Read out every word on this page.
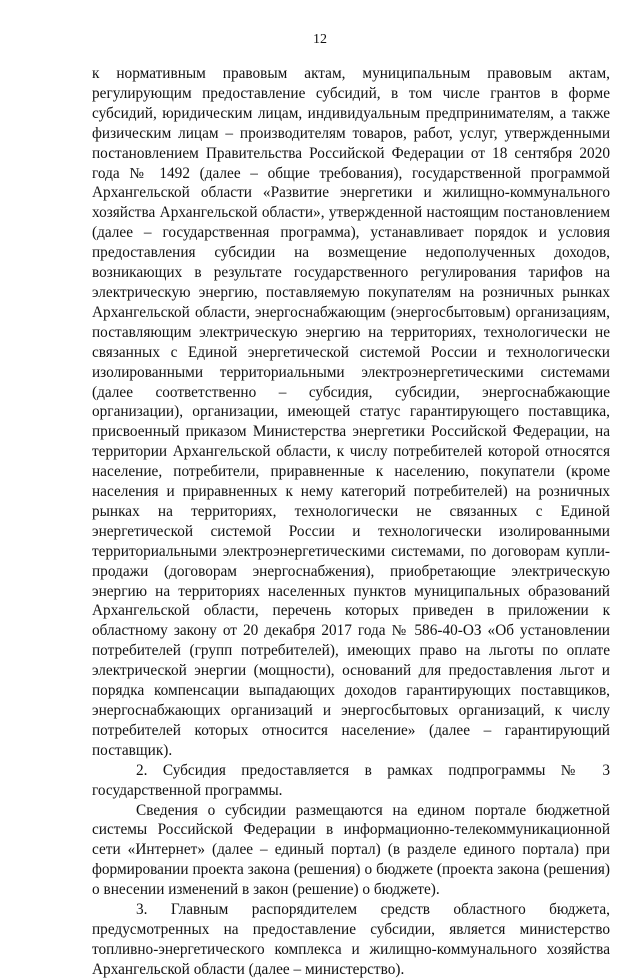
12

к нормативным правовым актам, муниципальным правовым актам, регулирующим предоставление субсидий, в том числе грантов в форме субсидий, юридическим лицам, индивидуальным предпринимателям, а также физическим лицам – производителям товаров, работ, услуг, утвержденными постановлением Правительства Российской Федерации от 18 сентября 2020 года № 1492 (далее – общие требования), государственной программой Архангельской области «Развитие энергетики и жилищно-коммунального хозяйства Архангельской области», утвержденной настоящим постановлением (далее – государственная программа), устанавливает порядок и условия предоставления субсидии на возмещение недополученных доходов, возникающих в результате государственного регулирования тарифов на электрическую энергию, поставляемую покупателям на розничных рынках Архангельской области, энергоснабжающим (энергосбытовым) организациям, поставляющим электрическую энергию на территориях, технологически не связанных с Единой энергетической системой России и технологически изолированными территориальными электроэнергетическими системами (далее соответственно – субсидия, субсидии, энергоснабжающие организации), организации, имеющей статус гарантирующего поставщика, присвоенный приказом Министерства энергетики Российской Федерации, на территории Архангельской области, к числу потребителей которой относятся население, потребители, приравненные к населению, покупатели (кроме населения и приравненных к нему категорий потребителей) на розничных рынках на территориях, технологически не связанных с Единой энергетической системой России и технологически изолированными территориальными электроэнергетическими системами, по договорам купли-продажи (договорам энергоснабжения), приобретающие электрическую энергию на территориях населенных пунктов муниципальных образований Архангельской области, перечень которых приведен в приложении к областному закону от 20 декабря 2017 года № 586-40-ОЗ «Об установлении потребителей (групп потребителей), имеющих право на льготы по оплате электрической энергии (мощности), оснований для предоставления льгот и порядка компенсации выпадающих доходов гарантирующих поставщиков, энергоснабжающих организаций и энергосбытовых организаций, к числу потребителей которых относится население» (далее – гарантирующий поставщик).

2. Субсидия предоставляется в рамках подпрограммы № 3 государственной программы.

Сведения о субсидии размещаются на едином портале бюджетной системы Российской Федерации в информационно-телекоммуникационной сети «Интернет» (далее – единый портал) (в разделе единого портала) при формировании проекта закона (решения) о бюджете (проекта закона (решения) о внесении изменений в закон (решение) о бюджете).

3. Главным распорядителем средств областного бюджета, предусмотренных на предоставление субсидии, является министерство топливно-энергетического комплекса и жилищно-коммунального хозяйства Архангельской области (далее – министерство).
